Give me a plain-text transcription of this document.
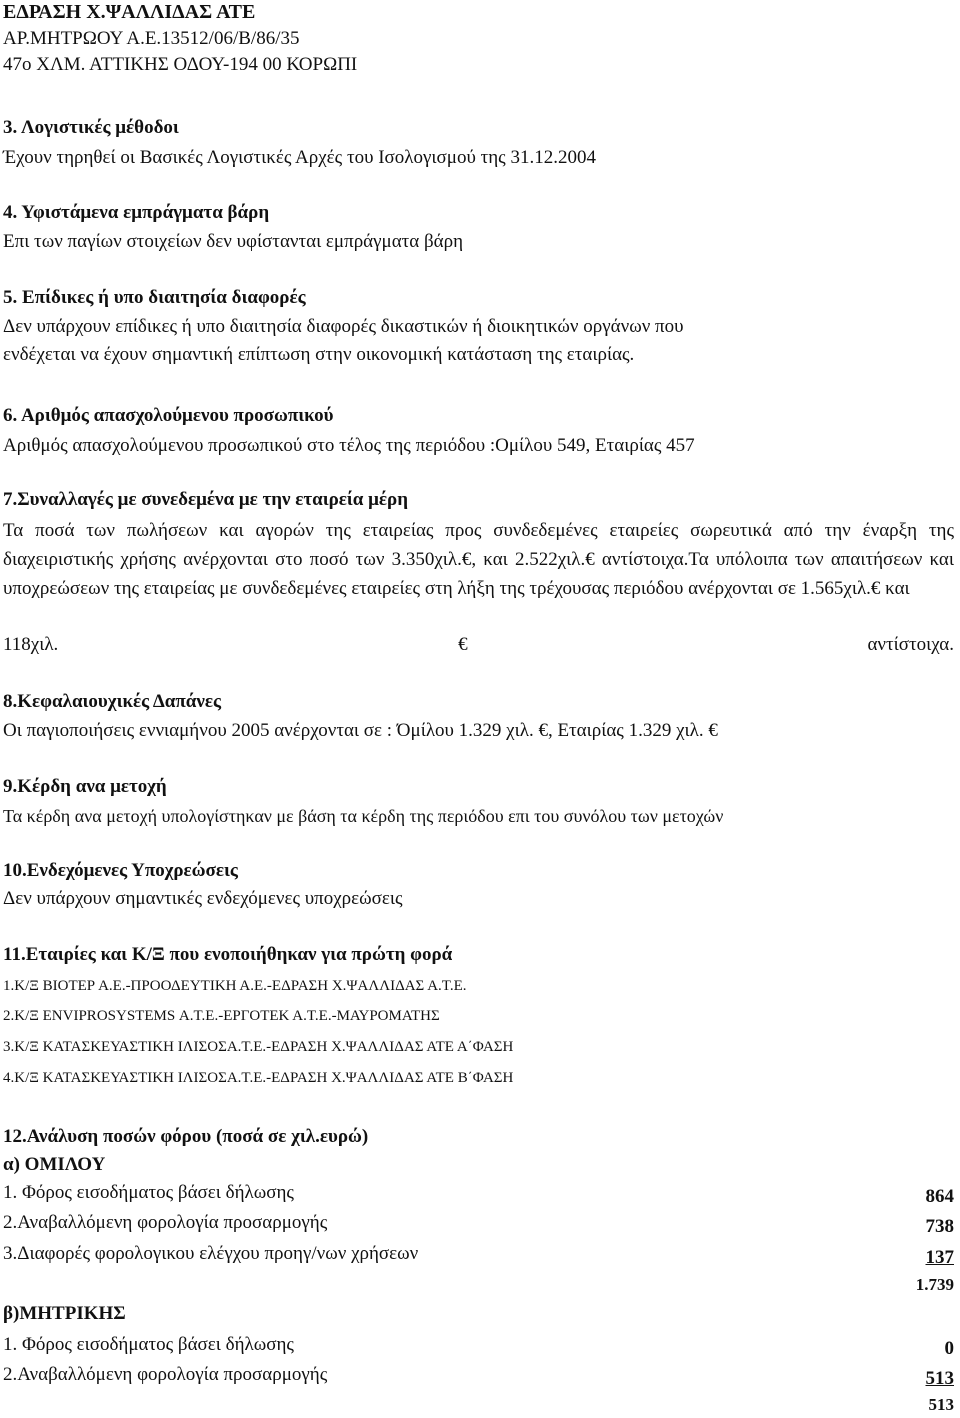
ΕΔΡΑΣΗ Χ.ΨΑΛΛΙΔΑΣ ΑΤΕ
ΑΡ.ΜΗΤΡΩΟΥ Α.Ε.13512/06/Β/86/35
47ο ΧΛΜ. ΑΤΤΙΚΗΣ ΟΔΟΥ-194 00 ΚΟΡΩΠΙ
3. Λογιστικές μέθοδοι
Έχουν τηρηθεί οι Βασικές Λογιστικές Αρχές του Ισολογισμού της 31.12.2004
4. Υφιστάμενα εμπράγματα βάρη
Επι των παγίων στοιχείων δεν υφίστανται εμπράγματα βάρη
5. Επίδικες ή υπο διαιτησία διαφορές
Δεν υπάρχουν επίδικες ή υπο διαιτησία διαφορές δικαστικών ή διοικητικών οργάνων που
ενδέχεται να έχουν σημαντική επίπτωση στην οικονομική κατάσταση της εταιρίας.
6. Αριθμός απασχολούμενου προσωπικού
Αριθμός απασχολούμενου προσωπικού στο τέλος της περιόδου :Ομίλου 549, Εταιρίας 457
7.Συναλλαγές με συνεδεμένα με την εταιρεία μέρη
Τα ποσά των πωλήσεων και αγορών της εταιρείας προς συνδεδεμένες εταιρείες σωρευτικά από την έναρξη της διαχειριστικής χρήσης ανέρχονται στο ποσό των 3.350χιλ.€, και 2.522χιλ.€ αντίστοιχα.Τα υπόλοιπα των απαιτήσεων και υποχρεώσεων της εταιρείας με συνδεδεμένες εταιρείες στη λήξη της τρέχουσας περιόδου ανέρχονται σε 1.565χιλ.€ και
118χιλ.	€	αντίστοιχα.
8.Κεφαλαιουχικές Δαπάνες
Οι παγιοποιήσεις εννιαμήνου 2005 ανέρχονται σε : Όμίλου 1.329 χιλ. €, Εταιρίας 1.329 χιλ. €
9.Κέρδη ανα μετοχή
Τα κέρδη ανα μετοχή υπολογίστηκαν με βάση τα κέρδη της περιόδου επι του συνόλου των μετοχών
10.Ενδεχόμενες Υποχρεώσεις
Δεν υπάρχουν σημαντικές ενδεχόμενες υποχρεώσεις
11.Εταιρίες και Κ/Ξ που ενοποιήθηκαν για πρώτη φορά
1.Κ/Ξ ΒΙΟΤΕΡ Α.Ε.-ΠΡΟΟΔΕΥΤΙΚΗ Α.Ε.-ΕΔΡΑΣΗ Χ.ΨΑΛΛΙΔΑΣ Α.Τ.Ε.
2.Κ/Ξ ENVIPROSYSTEMS Α.Τ.Ε.-ΕΡΓΟΤΕΚ Α.Τ.Ε.-ΜΑΥΡΟΜΑΤΗΣ
3.Κ/Ξ ΚΑΤΑΣΚΕΥΑΣΤΙΚΗ ΙΛΙΣΟΣΑ.Τ.Ε.-ΕΔΡΑΣΗ Χ.ΨΑΛΛΙΔΑΣ ΑΤΕ Α΄ΦΑΣΗ
4.Κ/Ξ ΚΑΤΑΣΚΕΥΑΣΤΙΚΗ ΙΛΙΣΟΣΑ.Τ.Ε.-ΕΔΡΑΣΗ Χ.ΨΑΛΛΙΔΑΣ ΑΤΕ Β΄ΦΑΣΗ
12.Ανάλυση ποσών φόρου (ποσά σε χιλ.ευρώ)
α) ΟΜΙΛΟΥ
1. Φόρος εισοδήματος βάσει δήλωσης	864
2.Αναβαλλόμενη φορολογία προσαρμογής	738
3.Διαφορές φορολογικου ελέγχου προηγ/νων χρήσεων	137
1.739
β)ΜΗΤΡΙΚΗΣ
1. Φόρος εισοδήματος βάσει δήλωσης	0
2.Αναβαλλόμενη φορολογία προσαρμογής	513
513
